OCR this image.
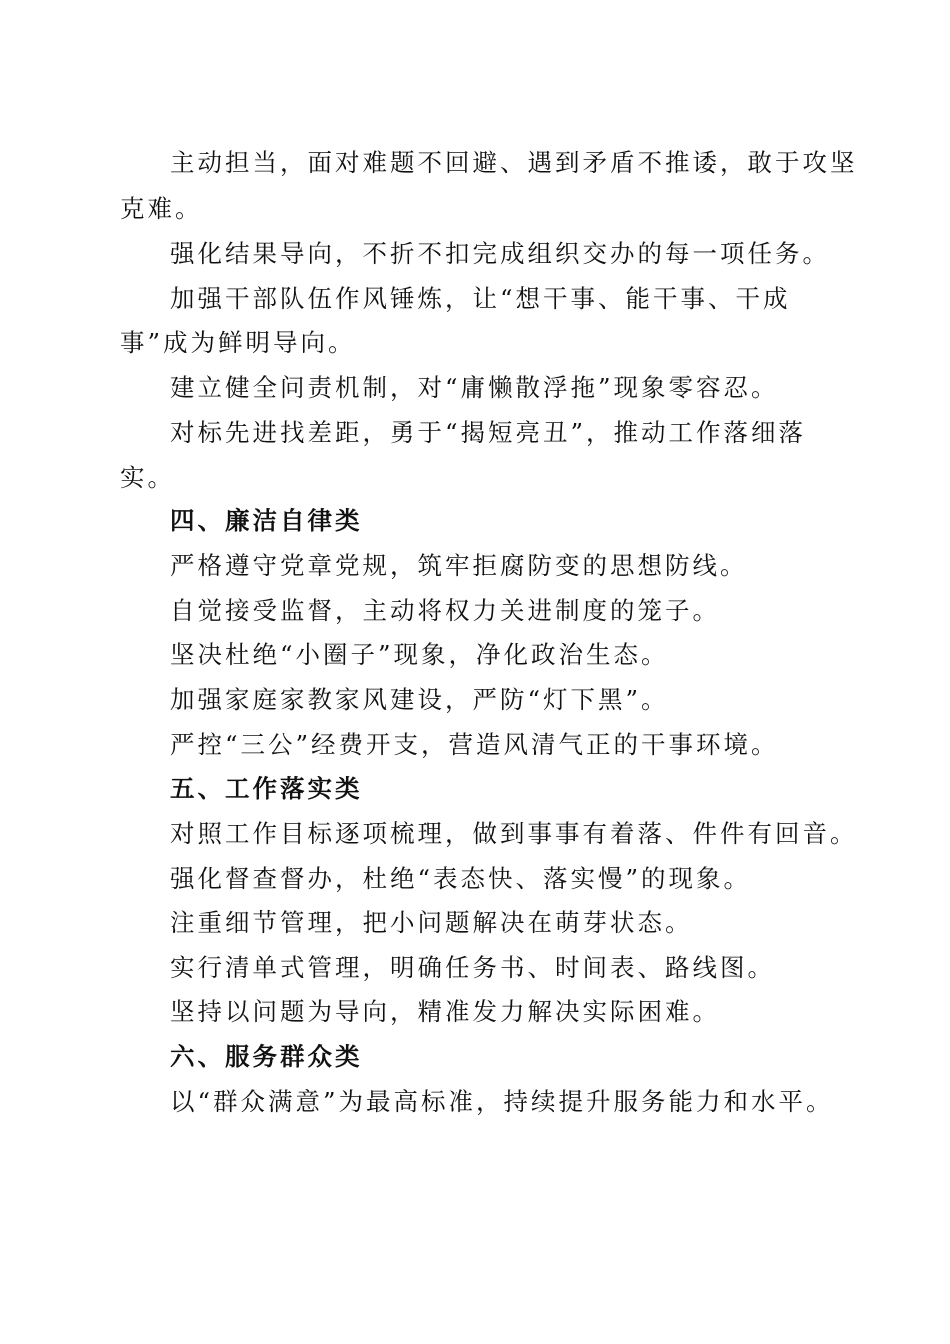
主动担当，面对难题不回避、遇到矛盾不推诿，敢于攻坚
克难。
强化结果导向，不折不扣完成组织交办的每一项任务。
加强干部队伍作风锤炼，让“想干事、能干事、干成
事”成为鲜明导向。
建立健全问责机制，对“庸懒散浮拖”现象零容忍。
对标先进找差距，勇于“揭短亮丑”，推动工作落细落
实。
四、廉洁自律类
严格遵守党章党规，筑牢拒腐防变的思想防线。
自觉接受监督，主动将权力关进制度的笼子。
坚决杜绝“小圈子”现象，净化政治生态。
加强家庭家教家风建设，严防“灯下黑”。
严控“三公”经费开支，营造风清气正的干事环境。
五、工作落实类
对照工作目标逐项梳理，做到事事有着落、件件有回音。
强化督查督办，杜绝“表态快、落实慢”的现象。
注重细节管理，把小问题解决在萌芽状态。
实行清单式管理，明确任务书、时间表、路线图。
坚持以问题为导向，精准发力解决实际困难。
六、服务群众类
以“群众满意”为最高标准，持续提升服务能力和水平。
